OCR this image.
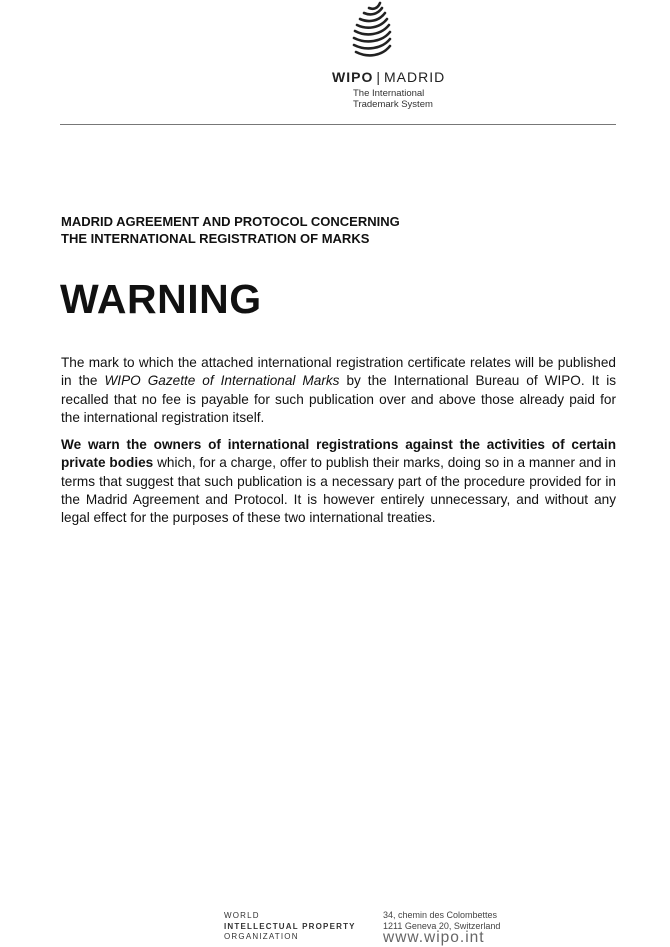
WIPO | MADRID
The International
Trademark System
MADRID AGREEMENT AND PROTOCOL CONCERNING
THE INTERNATIONAL REGISTRATION OF MARKS
WARNING

The mark to which the attached international registration certificate relates will be published in the WIPO Gazette of International Marks by the International Bureau of WIPO. It is recalled that no fee is payable for such publication over and above those already paid for the international registration itself.

We warn the owners of international registrations against the activities of certain private bodies which, for a charge, offer to publish their marks, doing so in a manner and in terms that suggest that such publication is a necessary part of the procedure provided for in the Madrid Agreement and Protocol. It is however entirely unnecessary, and without any legal effect for the purposes of these two international treaties.

WORLD
INTELLECTUAL PROPERTY
ORGANIZATION
34, chemin des Colombettes
1211 Geneva 20, Switzerland
www.wipo.int
